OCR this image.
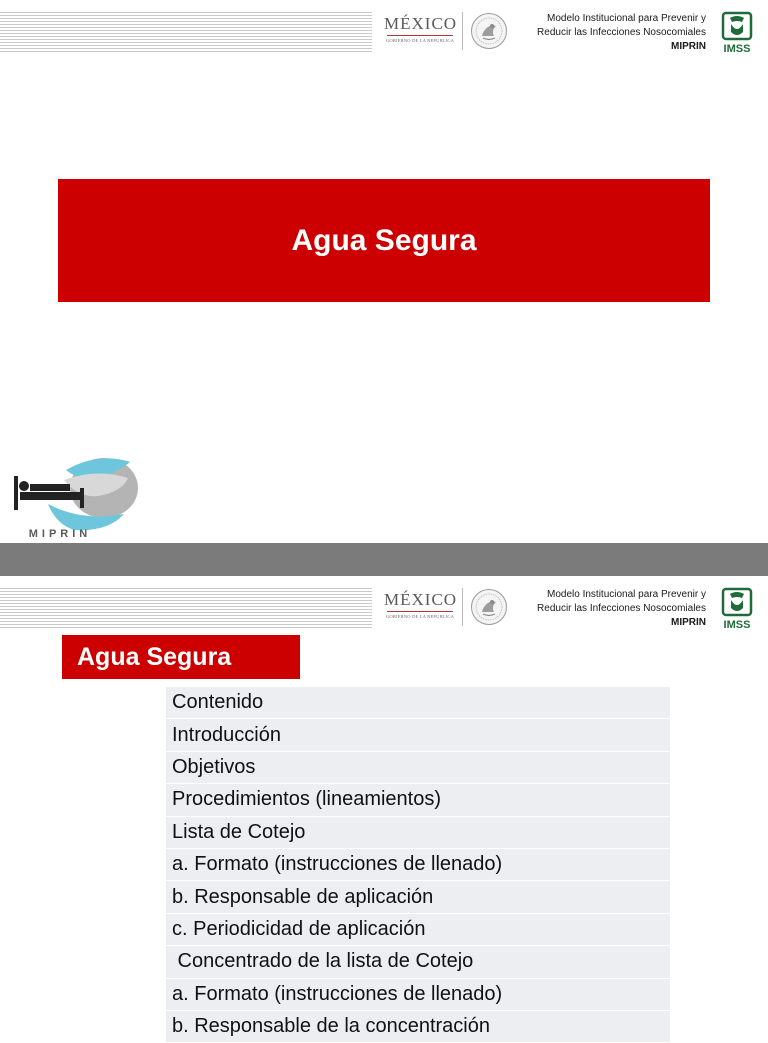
MÉXICO
GOBIERNO DE LA REPÚBLICA
Modelo Institucional para Prevenir y
Reducir las Infecciones Nosocomiales
MIPRIN IMSS
Agua Segura
MIPRIN
MÉXICO
GOBIERNO DE LA REPÚBLICA
Modelo Institucional para Prevenir y
Reducir las Infecciones Nosocomiales
MIPRIN IMSS
Agua Segura
Contenido
Introducción
Objetivos
Procedimientos (lineamientos)
Lista de Cotejo
a. Formato (instrucciones de llenado)
b. Responsable de aplicación
c. Periodicidad de aplicación
Concentrado de la lista de Cotejo
a. Formato (instrucciones de llenado)
b. Responsable de la concentración
